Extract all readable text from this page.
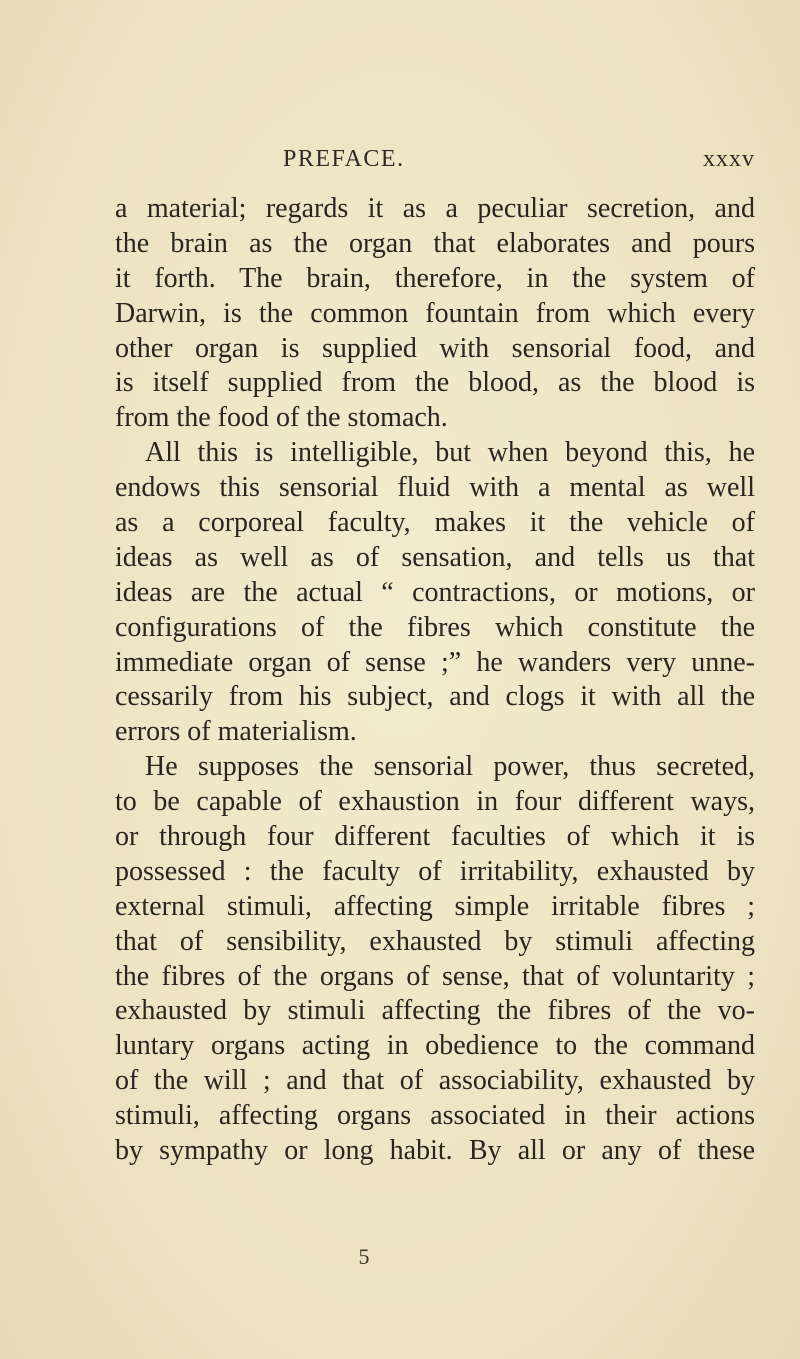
PREFACE.	xxxv
a material; regards it as a peculiar secretion, and
the brain as the organ that elaborates and pours
it forth. The brain, therefore, in the system of
Darwin, is the common fountain from which every
other organ is supplied with sensorial food, and
is itself supplied from the blood, as the blood is
from the food of the stomach.
All this is intelligible, but when beyond this, he
endows this sensorial fluid with a mental as well
as a corporeal faculty, makes it the vehicle of
ideas as well as of sensation, and tells us that
ideas are the actual “ contractions, or motions, or
configurations of the fibres which constitute the
immediate organ of sense ;” he wanders very unne-
cessarily from his subject, and clogs it with all the
errors of materialism.
He supposes the sensorial power, thus secreted,
to be capable of exhaustion in four different ways,
or through four different faculties of which it is
possessed : the faculty of irritability, exhausted by
external stimuli, affecting simple irritable fibres ;
that of sensibility, exhausted by stimuli affecting
the fibres of the organs of sense, that of voluntarity ;
exhausted by stimuli affecting the fibres of the vo-
luntary organs acting in obedience to the command
of the will ; and that of associability, exhausted by
stimuli, affecting organs associated in their actions
by sympathy or long habit. By all or any of these
5
